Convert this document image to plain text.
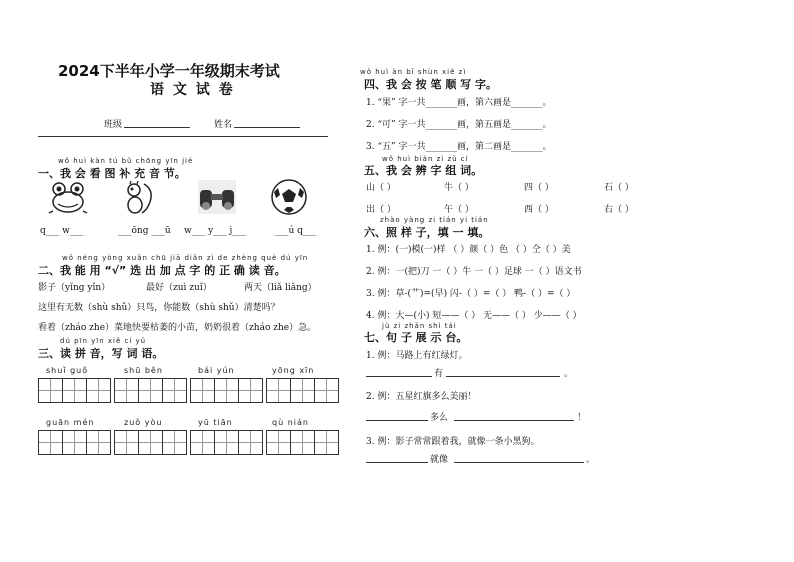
2024下半年小学一年级期末考试
语 文 试 卷
班级	姓名
wǒ huì kàn tú bǔ chōng yīn jié
一、我 会 看 图 补 充 音 节。
q___ w___	___ōng ___ū w___ y___ j___	___ú q___
wǒ néng yòng xuǎn chū jiā diǎn zì de zhèng què dú yīn
二、我 能 用 “√” 选 出 加 点 字 的 正 确 读 音。
影子（yǐng yǐn）	最好（zuì zuǐ）	两天（liǎ liǎng）
这里有无数（shù shǔ）只鸟，你能数（shù shǔ）清楚吗？
看着（zháo zhe）菜地快要枯萎的小苗，奶奶很着（zháo zhe）急。
dú pīn yīn xiě cí yǔ
三、读 拼 音，写 词 语。
shuǐ guǒ	shū běn	bái yún	yōng xīn
guān mén	zuǒ yòu	yū tiān	qù nián
wǒ huì àn bǐ shùn xiě zì
四、我 会 按 笔 顺 写 字。
1. “果” 字一共_______画，第六画是_______。
2. “可” 字一共_______画，第五画是_______。
3. “五” 字一共_______画，第二画是_______。
wǒ huì biàn zì zǔ cí
五、我 会 辨 字 组 词。
山（ ）	牛（ ）	四（ ）	石（ ）
出（ ）	午（ ）	西（ ）	右（ ）
zhào yàng zi tián yi tián
六、照 样 子，填 一 填。
1. 例：(一)模(一)样 （ ）颜（ ）色 （ ）仝（ ）美
2. 例：一(把)刀 一（ ）牛 一（ ）足球 一（ ）语文书
3. 例：草-(艹)=(早) 闪-（ ）=（ ） 鸭-（ ）=（ ）
4. 例：大—(小) 短——（ ） 无——（ ） 少——（ ）
jù zi zhǎn shì tái
七、句 子 展 示 台。
1. 例：马路上有红绿灯。
有	。
2. 例：五星红旗多么美丽！
多么	！
3. 例：影子常常跟着我，就像一条小黑狗。
就像	。
